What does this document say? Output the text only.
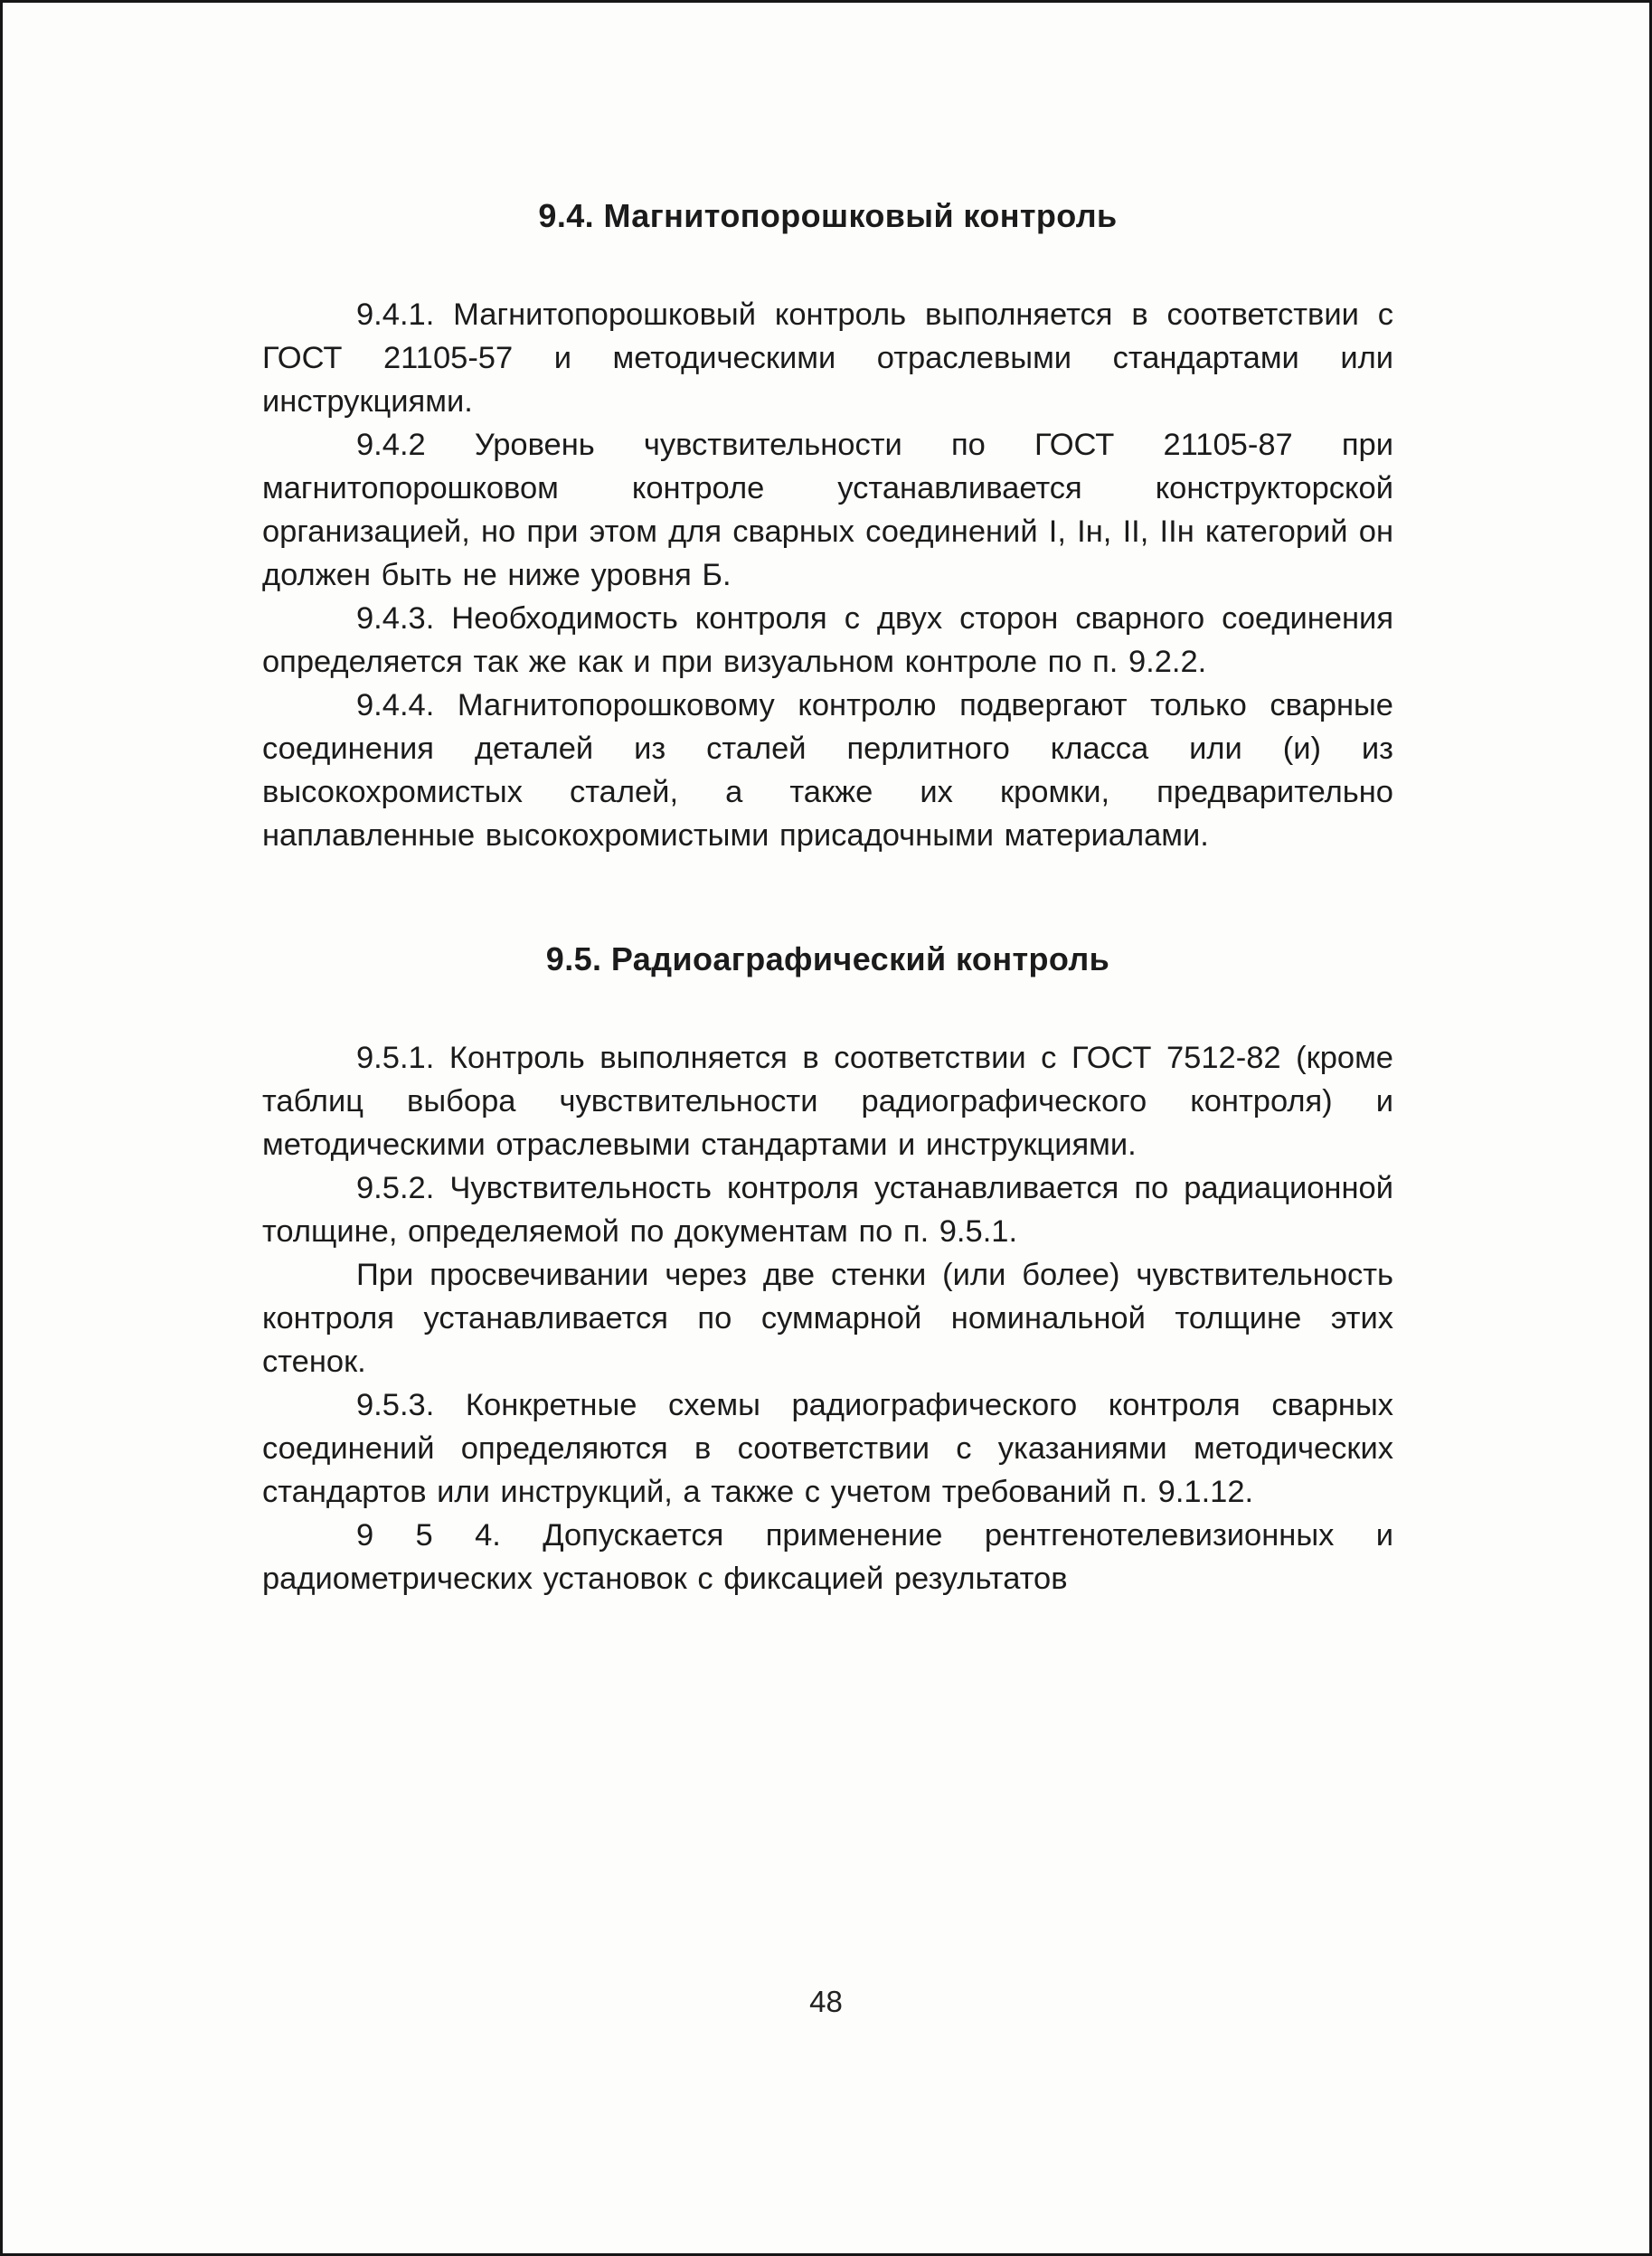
9.4. Магнитопорошковый контроль

9.4.1. Магнитопорошковый контроль выполняется в соответствии с ГОСТ 21105-57 и методическими отраслевыми стандартами или инструкциями.

9.4.2 Уровень чувствительности по ГОСТ 21105-87 при магнитопорошковом контроле устанавливается конструкторской организацией, но при этом для сварных соединений I, Iн, II, IIн категорий он должен быть не ниже уровня Б.

9.4.3. Необходимость контроля с двух сторон сварного соединения определяется так же как и при визуальном контроле по п. 9.2.2.

9.4.4. Магнитопорошковому контролю подвергают только сварные соединения деталей из сталей перлитного класса или (и) из высокохромистых сталей, а также их кромки, предварительно наплавленные высокохромистыми присадочными материалами.

9.5. Радиоаграфический контроль

9.5.1. Контроль выполняется в соответствии с ГОСТ 7512-82 (кроме таблиц выбора чувствительности радиографического контроля) и методическими отраслевыми стандартами и инструкциями.

9.5.2. Чувствительность контроля устанавливается по радиационной толщине, определяемой по документам по п. 9.5.1.

При просвечивании через две стенки (или более) чувствительность контроля устанавливается по суммарной номинальной толщине этих стенок.

9.5.3. Конкретные схемы радиографического контроля сварных соединений определяются в соответствии с указаниями методических стандартов или инструкций, а также с учетом требований п. 9.1.12.

9 5 4. Допускается применение рентгенотелевизионных и радиометрических установок с фиксацией результатов

48
